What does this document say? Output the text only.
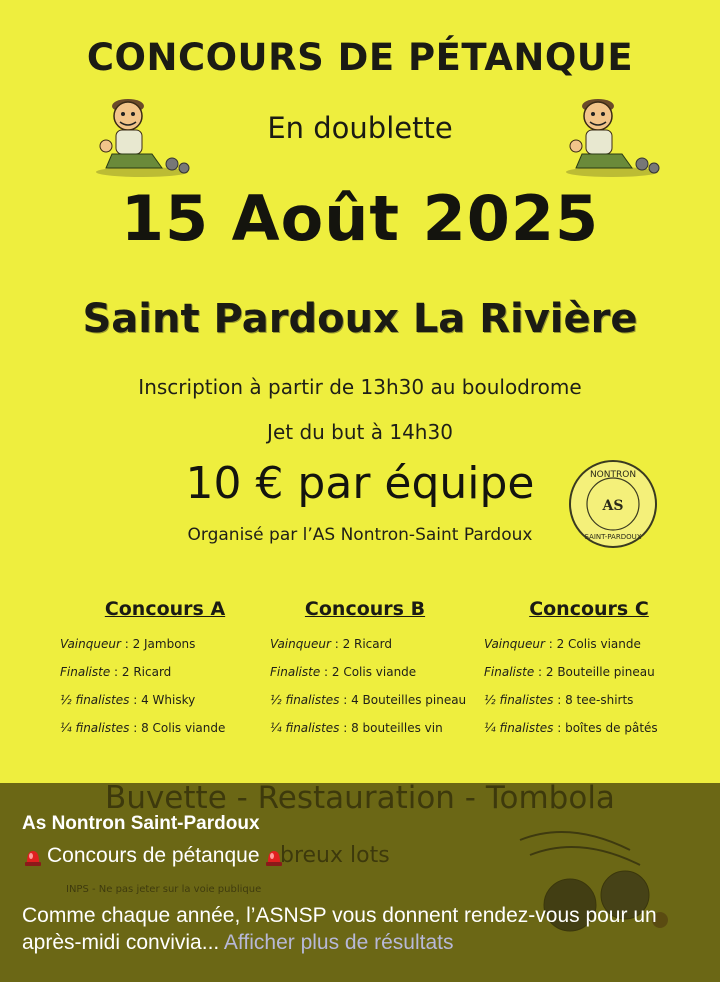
CONCOURS DE PÉTANQUE
En doublette
15 Août 2025
Saint Pardoux La Rivière
Inscription à partir de 13h30 au boulodrome
Jet du but à 14h30
10 € par équipe
Organisé par l’AS Nontron-Saint Pardoux
NONTRON
SAINT-PARDOUX
AS
Concours A
Vainqueur : 2 Jambons
Finaliste : 2 Ricard
½ finalistes : 4 Whisky
¼ finalistes : 8 Colis viande
Concours B
Vainqueur : 2 Ricard
Finaliste : 2 Colis viande
½ finalistes : 4 Bouteilles pineau
¼ finalistes : 8 bouteilles vin
Concours C
Vainqueur : 2 Colis viande
Finaliste : 2 Bouteille pineau
½ finalistes : 8 tee-shirts
¼ finalistes : boîtes de pâtés
As Nontron Saint-Pardoux
Concours de pétanque
Comme chaque année, l’ASNSP vous donnent rendez-vous pour un après-midi convivia... Afficher plus de résultats
